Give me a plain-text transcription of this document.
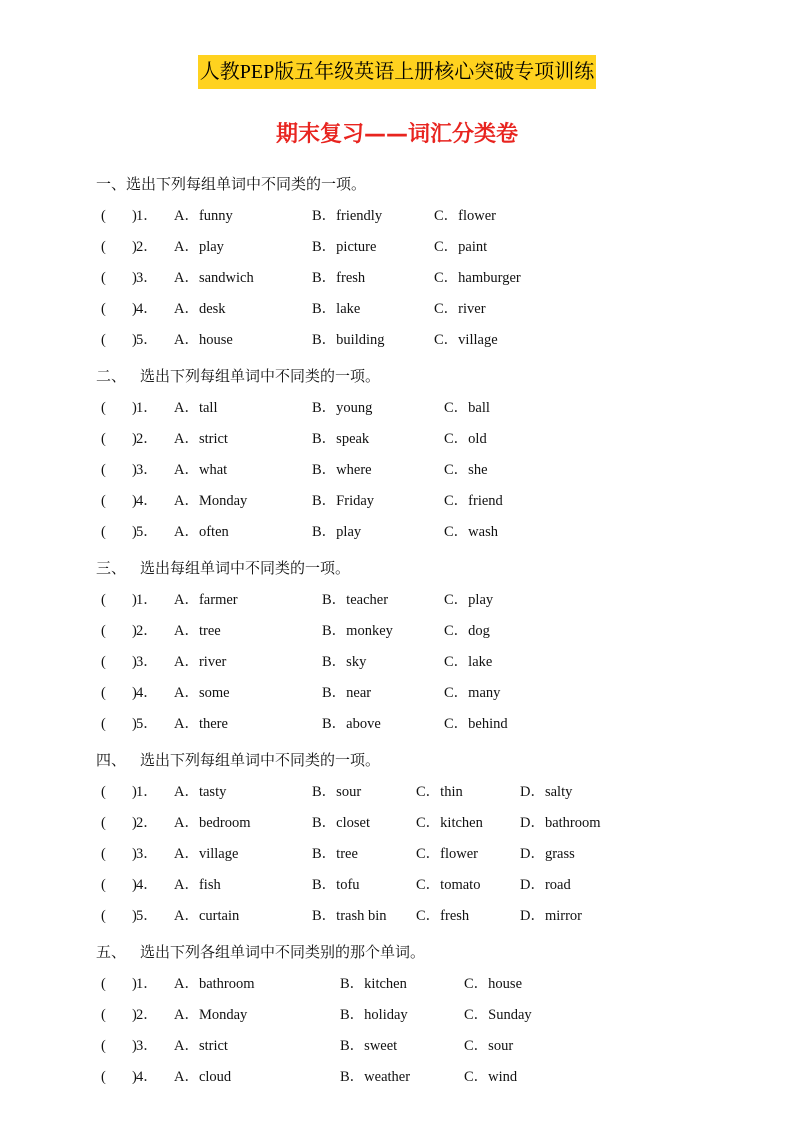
人教PEP版五年级英语上册核心突破专项训练
期末复习——词汇分类卷
一、选出下列每组单词中不同类的一项。
( ) 1． A．funny	B．friendly	C．flower
( ) 2． A．play	B．picture	C．paint
( ) 3． A．sandwich	B．fresh	C．hamburger
( ) 4． A．desk	B．lake	C．river
( ) 5． A．house	B．building	C．village
二、 选出下列每组单词中不同类的一项。
( ) 1． A．tall	B．young	C．ball
( ) 2． A．strict	B．speak	C．old
( ) 3． A．what	B．where	C．she
( ) 4． A．Monday	B．Friday	C．friend
( ) 5． A．often	B．play	C．wash
三、 选出每组单词中不同类的一项。
( ) 1． A．farmer	B．teacher	C．play
( ) 2． A．tree	B．monkey	C．dog
( ) 3． A．river	B．sky	C．lake
( ) 4． A．some	B．near	C．many
( ) 5． A．there	B．above	C．behind
四、 选出下列每组单词中不同类的一项。
( ) 1． A．tasty	B．sour	C．thin	D．salty
( ) 2． A．bedroom	B．closet	C．kitchen	D．bathroom
( ) 3． A．village	B．tree	C．flower	D．grass
( ) 4． A．fish	B．tofu	C．tomato	D．road
( ) 5． A．curtain	B．trash bin C．fresh	D．mirror
五、 选出下列各组单词中不同类别的那个单词。
( ) 1． A．bathroom	B．kitchen	C．house
( ) 2． A．Monday	B．holiday	C．Sunday
( ) 3． A．strict	B．sweet	C．sour
( ) 4． A．cloud	B．weather	C．wind
